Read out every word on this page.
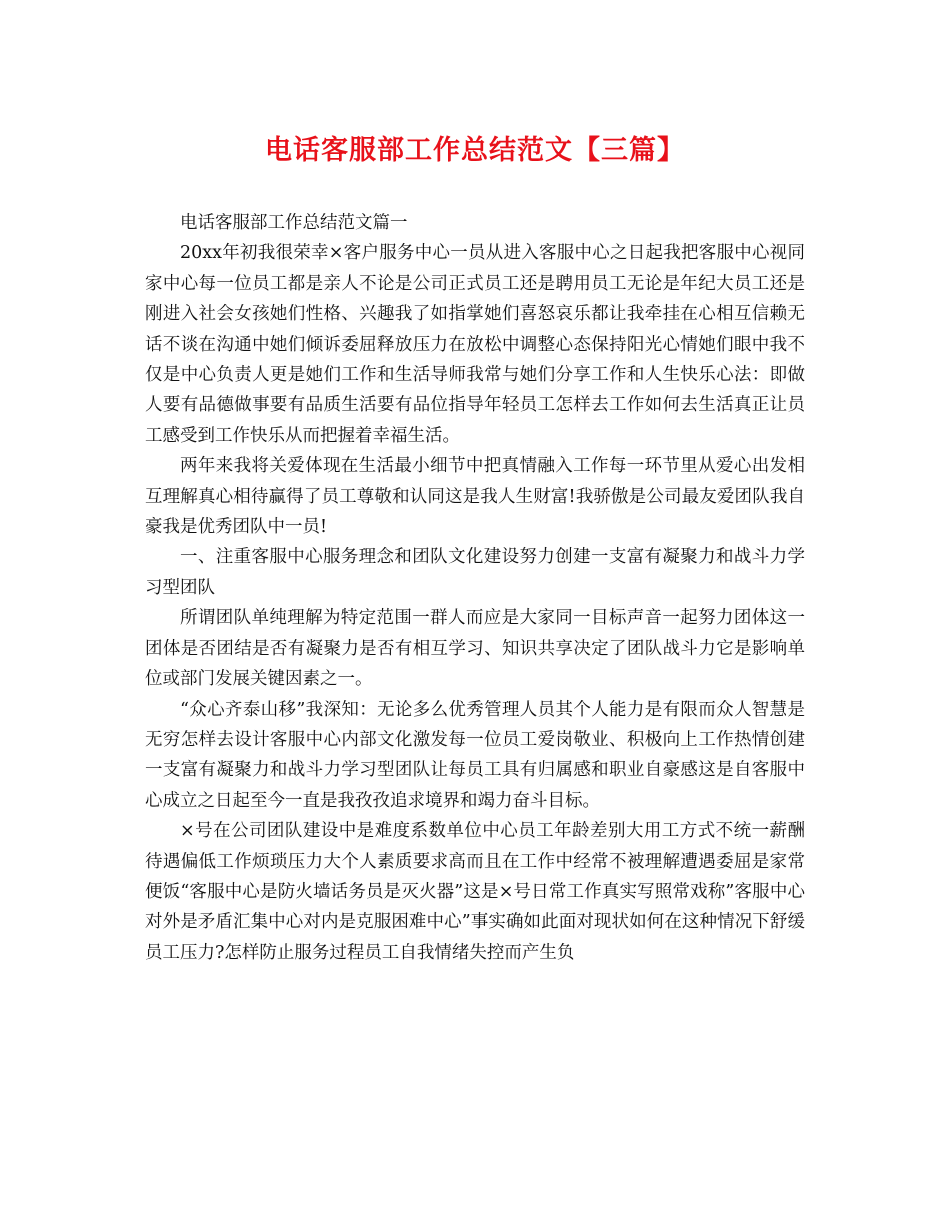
电话客服部工作总结范文【三篇】

电话客服部工作总结范文篇一

20xx年初我很荣幸×客户服务中心一员从进入客服中心之日起我把客服中心视同家中心每一位员工都是亲人不论是公司正式员工还是聘用员工无论是年纪大员工还是刚进入社会女孩她们性格、兴趣我了如指掌她们喜怒哀乐都让我牵挂在心相互信赖无话不谈在沟通中她们倾诉委屈释放压力在放松中调整心态保持阳光心情她们眼中我不仅是中心负责人更是她们工作和生活导师我常与她们分享工作和人生快乐心法：即做人要有品德做事要有品质生活要有品位指导年轻员工怎样去工作如何去生活真正让员工感受到工作快乐从而把握着幸福生活。

两年来我将关爱体现在生活最小细节中把真情融入工作每一环节里从爱心出发相互理解真心相待赢得了员工尊敬和认同这是我人生财富!我骄傲是公司最友爱团队我自豪我是优秀团队中一员!

一、注重客服中心服务理念和团队文化建设努力创建一支富有凝聚力和战斗力学习型团队

所谓团队单纯理解为特定范围一群人而应是大家同一目标声音一起努力团体这一团体是否团结是否有凝聚力是否有相互学习、知识共享决定了团队战斗力它是影响单位或部门发展关键因素之一。

“众心齐泰山移”我深知：无论多么优秀管理人员其个人能力是有限而众人智慧是无穷怎样去设计客服中心内部文化激发每一位员工爱岗敬业、积极向上工作热情创建一支富有凝聚力和战斗力学习型团队让每员工具有归属感和职业自豪感这是自客服中心成立之日起至今一直是我孜孜追求境界和竭力奋斗目标。

×号在公司团队建设中是难度系数单位中心员工年龄差别大用工方式不统一薪酬待遇偏低工作烦琐压力大个人素质要求高而且在工作中经常不被理解遭遇委屈是家常便饭“客服中心是防火墙话务员是灭火器”这是×号日常工作真实写照常戏称”客服中心对外是矛盾汇集中心对内是克服困难中心”事实确如此面对现状如何在这种情况下舒缓员工压力?怎样防止服务过程员工自我情绪失控而产生负
